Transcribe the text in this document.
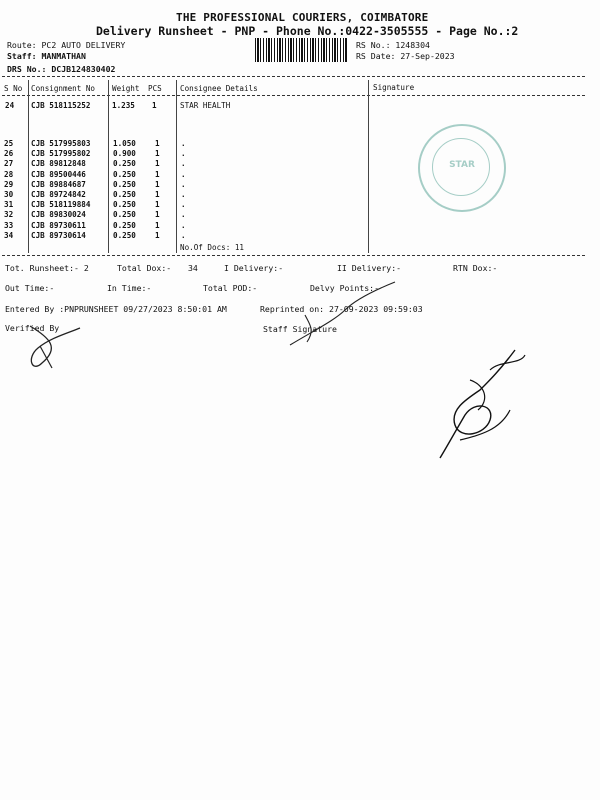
THE PROFESSIONAL COURIERS, COIMBATORE
Delivery Runsheet - PNP - Phone No.:0422-3505555 - Page No.:2
Route: PC2 AUTO DELIVERY
Staff: MANMATHAN
DRS No.: DCJB124830402
RS No.: 1248304
RS Date: 27-Sep-2023
S No Consignment No Weight PCS Consignee Details	Signature
24 CJB 518115252	1.235 1	STAR HEALTH
25	CJB 517995803	1.050	1	.
26	CJB 517995802	0.900	1	.
27	CJB 89812848	0.250	1	.
28	CJB 89500446	0.250	1	.
29	CJB 89884687	0.250	1	.
30	CJB 89724842	0.250	1	.
31	CJB 518119884	0.250	1	.
32	CJB 89830024	0.250	1	.
33	CJB 89730611	0.250	1	.
34	CJB 89730614	0.250	1	.
No.Of Docs: 11
STAR
Tot. Runsheet:- 2	Total Dox:- 34	I Delivery:-	II Delivery:-	RTN Dox:-
Out Time:-	In Time:-	Total POD:-	Delvy Points:-
Entered By :PNPRUNSHEET 09/27/2023 8:50:01 AM	Reprinted on: 27-09-2023 09:59:03
Verified By	Staff Signature
